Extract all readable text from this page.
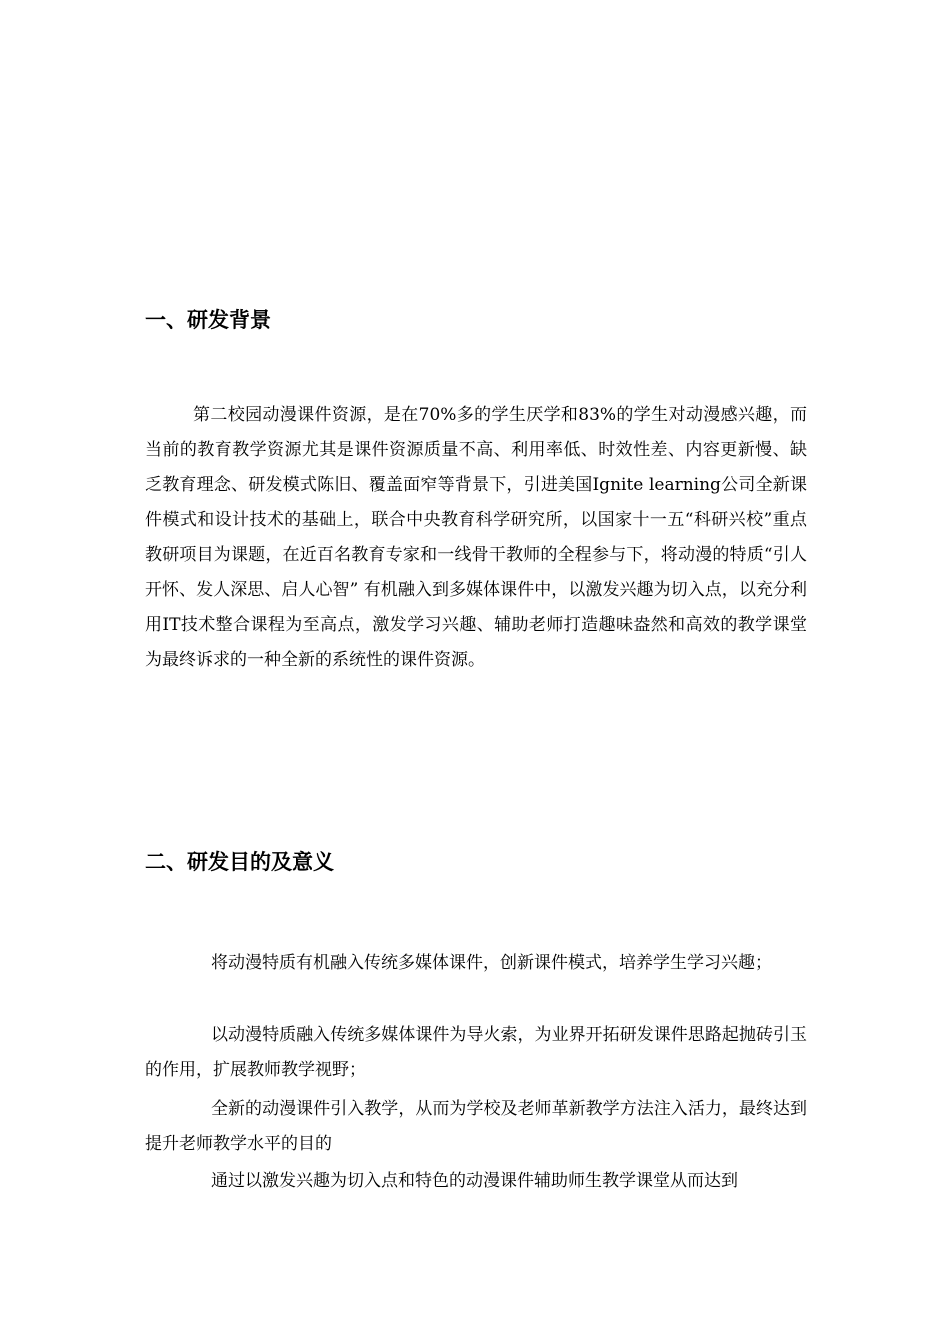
一、研发背景

第二校园动漫课件资源，是在70%多的学生厌学和83%的学生对动漫感兴趣，而当前的教育教学资源尤其是课件资源质量不高、利用率低、时效性差、内容更新慢、缺乏教育理念、研发模式陈旧、覆盖面窄等背景下，引进美国Ignite learning公司全新课件模式和设计技术的基础上，联合中央教育科学研究所，以国家十一五“科研兴校”重点教研项目为课题，在近百名教育专家和一线骨干教师的全程参与下，将动漫的特质“引人开怀、发人深思、启人心智” 有机融入到多媒体课件中，以激发兴趣为切入点，以充分利用IT技术整合课程为至高点，激发学习兴趣、辅助老师打造趣味盎然和高效的教学课堂为最终诉求的一种全新的系统性的课件资源。

二、研发目的及意义

将动漫特质有机融入传统多媒体课件，创新课件模式，培养学生学习兴趣；

以动漫特质融入传统多媒体课件为导火索，为业界开拓研发课件思路起抛砖引玉的作用，扩展教师教学视野；

全新的动漫课件引入教学，从而为学校及老师革新教学方法注入活力，最终达到提升老师教学水平的目的

通过以激发兴趣为切入点和特色的动漫课件辅助师生教学课堂从而达到
